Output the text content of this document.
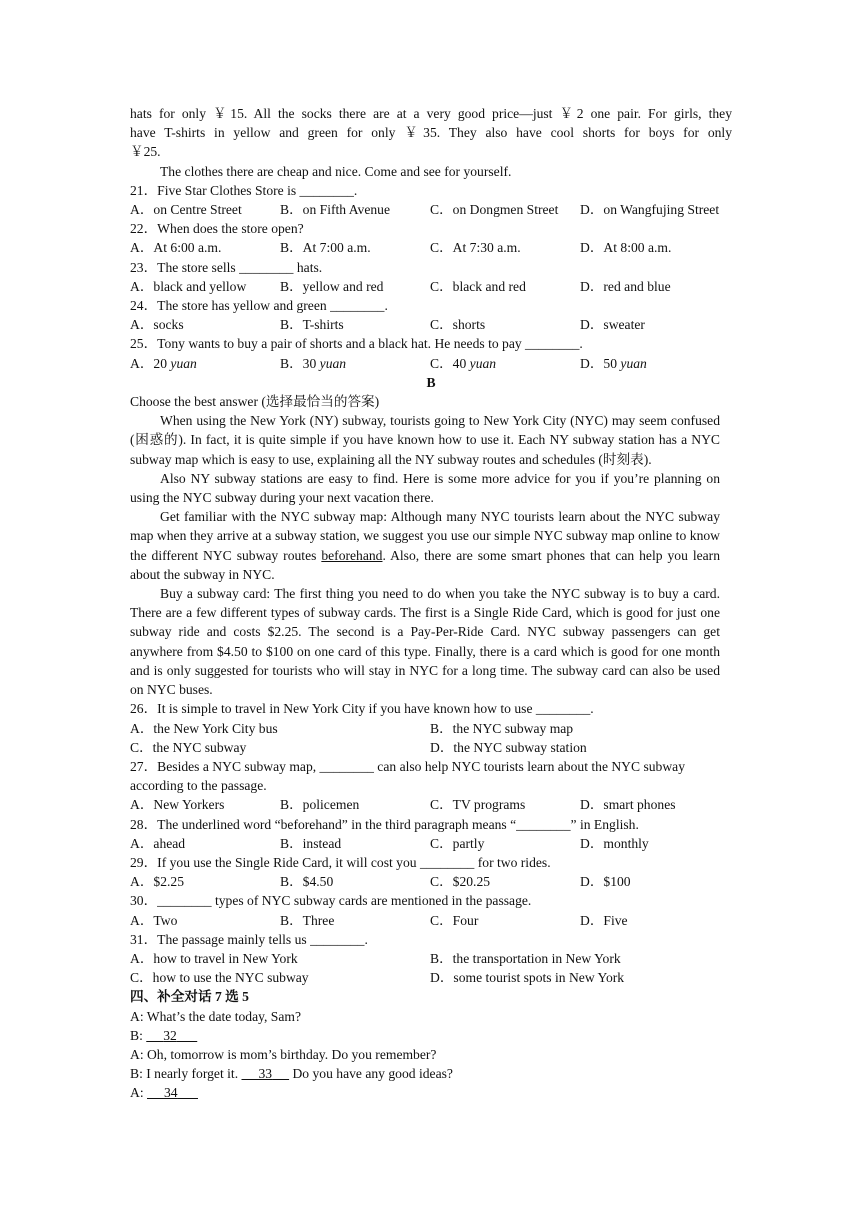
hats for only ￥15. All the socks there are at a very good price—just ￥2 one pair. For girls, they
have T-shirts in yellow and green for only ￥35. They also have cool shorts for boys for only
￥25.
The clothes there are cheap and nice. Come and see for yourself.
21．Five Star Clothes Store is ________.
A．on Centre Street	B．on Fifth Avenue	C．on Dongmen Street	D．on Wangfujing Street
22．When does the store open?
A．At 6:00 a.m.	B．At 7:00 a.m.	C．At 7:30 a.m.	D．At 8:00 a.m.
23．The store sells ________ hats.
A．black and yellow	B．yellow and red	C．black and red	D．red and blue
24．The store has yellow and green ________.
A．socks	B．T-shirts	C．shorts	D．sweater
25．Tony wants to buy a pair of shorts and a black hat. He needs to pay ________.
A．20 yuan	B．30 yuan	C．40 yuan	D．50 yuan
B
Choose the best answer (选择最恰当的答案)
When using the New York (NY) subway, tourists going to New York City (NYC) may seem confused (困惑的). In fact, it is quite simple if you have known how to use it. Each NY subway station has a NYC subway map which is easy to use, explaining all the NY subway routes and schedules (时刻表).
Also NY subway stations are easy to find. Here is some more advice for you if you’re planning on using the NYC subway during your next vacation there.
Get familiar with the NYC subway map: Although many NYC tourists learn about the NYC subway map when they arrive at a subway station, we suggest you use our simple NYC subway map online to know the different NYC subway routes beforehand. Also, there are some smart phones that can help you learn about the subway in NYC.
Buy a subway card: The first thing you need to do when you take the NYC subway is to buy a card. There are a few different types of subway cards. The first is a Single Ride Card, which is good for just one subway ride and costs $2.25. The second is a Pay-Per-Ride Card. NYC subway passengers can get anywhere from $4.50 to $100 on one card of this type. Finally, there is a card which is good for one month and is only suggested for tourists who will stay in NYC for a long time. The subway card can also be used on NYC buses.
26．It is simple to travel in New York City if you have known how to use ________.
A．the New York City bus	B．the NYC subway map
C．the NYC subway	D．the NYC subway station
27．Besides a NYC subway map, ________ can also help NYC tourists learn about the NYC subway according to the passage.
A．New Yorkers	B．policemen	C．TV programs	D．smart phones
28．The underlined word “beforehand” in the third paragraph means “________” in English.
A．ahead	B．instead	C．partly	D．monthly
29．If you use the Single Ride Card, it will cost you ________ for two rides.
A．$2.25	B．$4.50	C．$20.25	D．$100
30．________ types of NYC subway cards are mentioned in the passage.
A．Two	B．Three	C．Four	D．Five
31．The passage mainly tells us ________.
A．how to travel in New York	B．the transportation in New York
C．how to use the NYC subway	D．some tourist spots in New York
四、补全对话 7 选 5
A: What’s the date today, Sam?
B:      32
A: Oh, tomorrow is mom’s birthday. Do you remember?
B: I nearly forget it.      33      Do you have any good ideas?
A:      34
